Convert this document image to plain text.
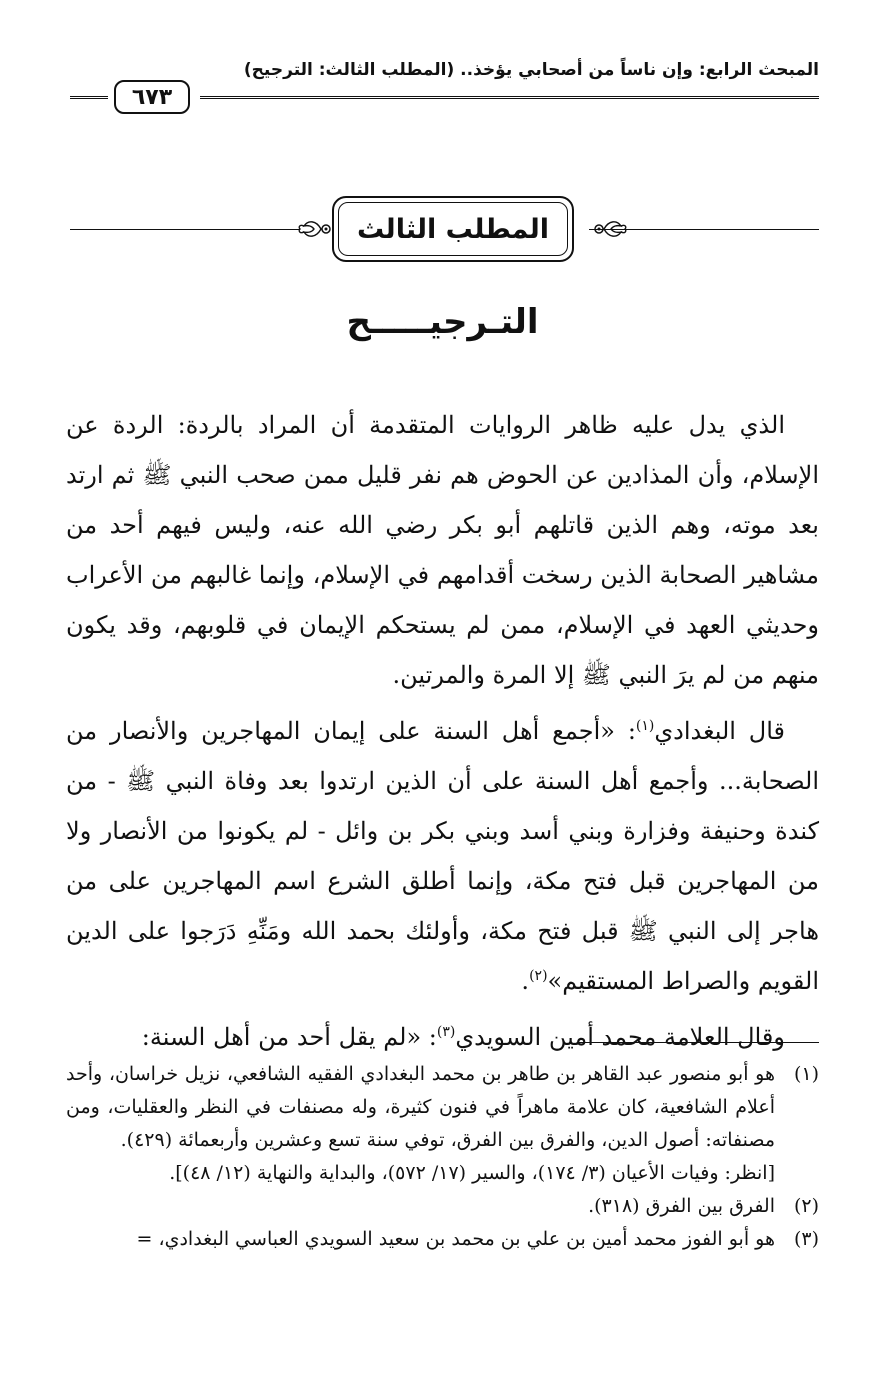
المبحث الرابع: وإن ناساً من أصحابي يؤخذ.. (المطلب الثالث: الترجيح)
٦٧٣
المطلب الثالث
التـرجيـــــح

الذي يدل عليه ظاهر الروايات المتقدمة أن المراد بالردة: الردة عن الإسلام، وأن المذادين عن الحوض هم نفر قليل ممن صحب النبي ﷺ ثم ارتد بعد موته، وهم الذين قاتلهم أبو بكر رضي الله عنه، وليس فيهم أحد من مشاهير الصحابة الذين رسخت أقدامهم في الإسلام، وإنما غالبهم من الأعراب وحديثي العهد في الإسلام، ممن لم يستحكم الإيمان في قلوبهم، وقد يكون منهم من لم يرَ النبي ﷺ إلا المرة والمرتين.

قال البغدادي$^{(١)}$: «أجمع أهل السنة على إيمان المهاجرين والأنصار من الصحابة... وأجمع أهل السنة على أن الذين ارتدوا بعد وفاة النبي ﷺ - من كندة وحنيفة وفزارة وبني أسد وبني بكر بن وائل - لم يكونوا من الأنصار ولا من المهاجرين قبل فتح مكة، وإنما أطلق الشرع اسم المهاجرين على من هاجر إلى النبي ﷺ قبل فتح مكة، وأولئك بحمد الله ومَنِّهِ دَرَجوا على الدين القويم والصراط المستقيم»$^{(٢)}$.

وقال العلامة محمد أمين السويدي$^{(٣)}$: «لم يقل أحد من أهل السنة:

(١)
هو أبو منصور عبد القاهر بن طاهر بن محمد البغدادي الفقيه الشافعي، نزيل خراسان، وأحد أعلام الشافعية، كان علامة ماهراً في فنون كثيرة، وله مصنفات في النظر والعقليات، ومن مصنفاته: أصول الدين، والفرق بين الفرق، توفي سنة تسع وعشرين وأربعمائة (٤٢٩).
[انظر: وفيات الأعيان (٣/ ١٧٤)، والسير (١٧/ ٥٧٢)، والبداية والنهاية (١٢/ ٤٨)].
(٢)
الفرق بين الفرق (٣١٨).
(٣)
هو أبو الفوز محمد أمين بن علي بن محمد بن سعيد السويدي العباسي البغدادي، =
